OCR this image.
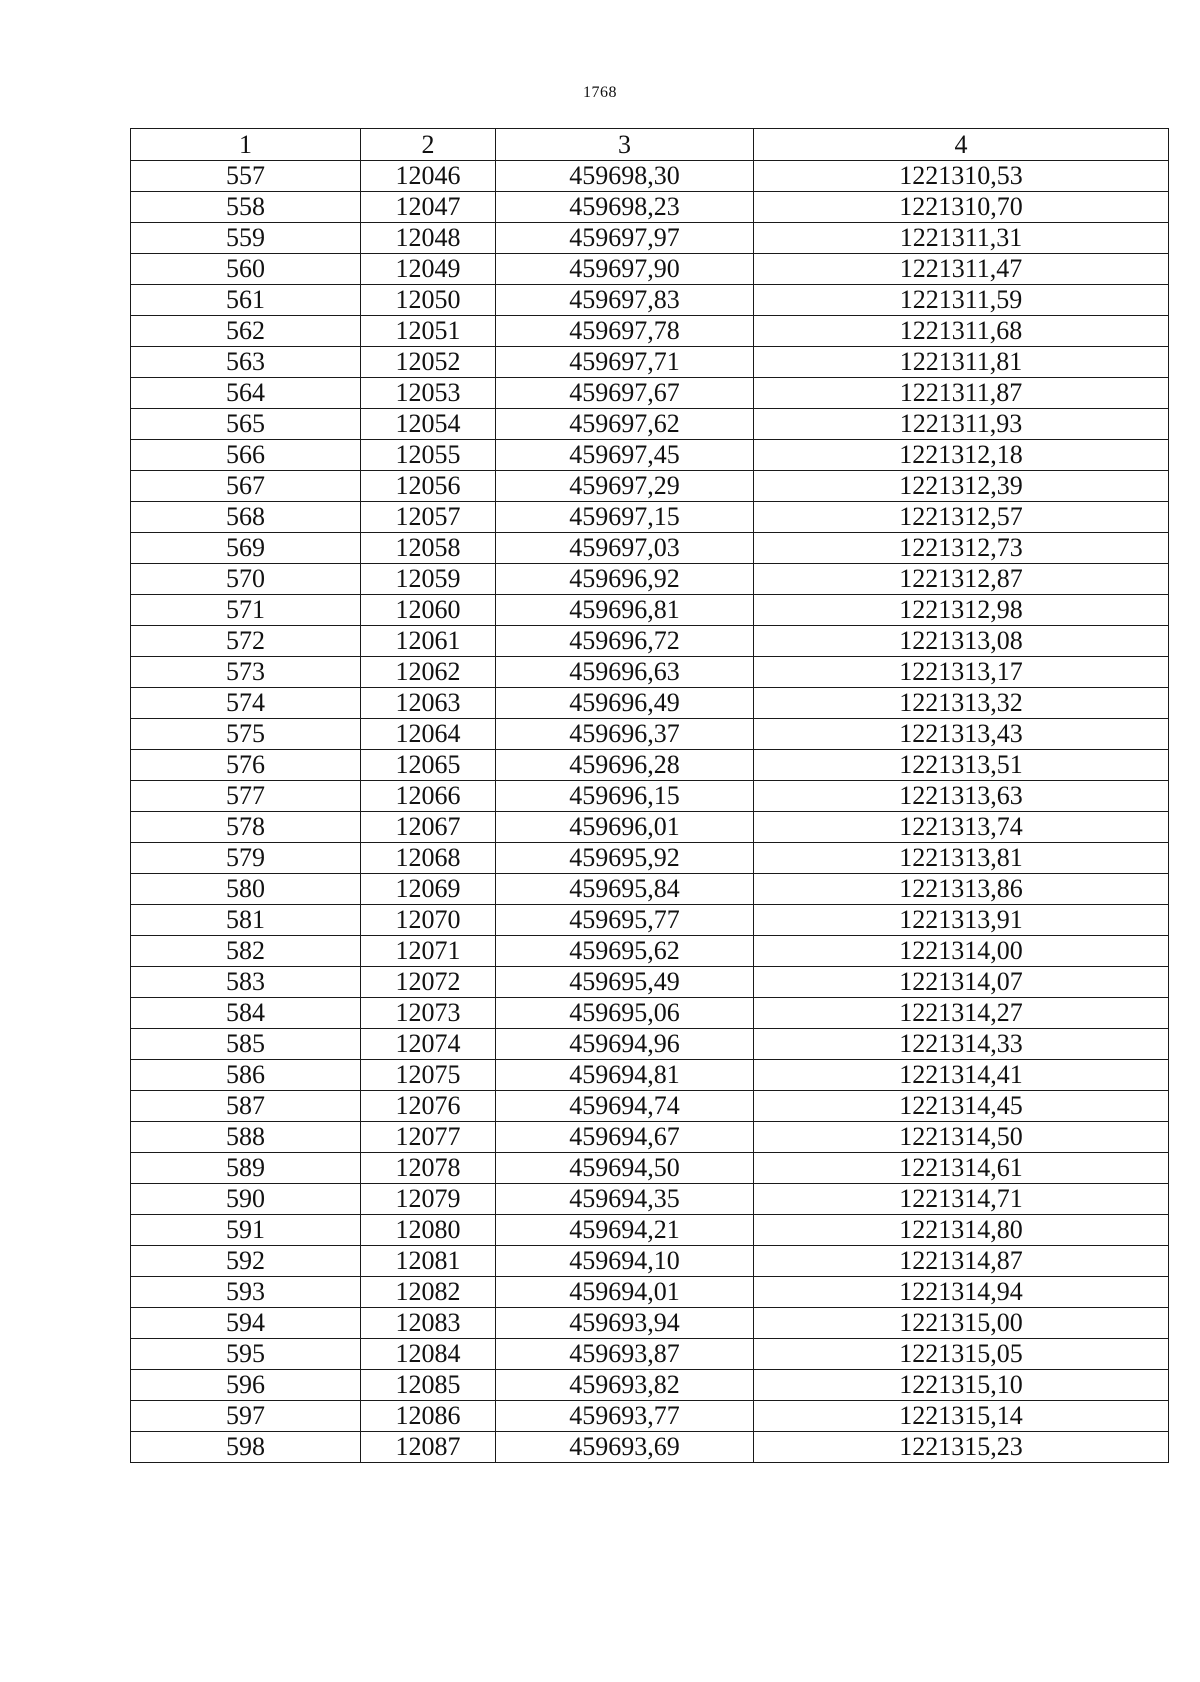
1768
1	2	3	4
557	12046	459698,30	1221310,53
558	12047	459698,23	1221310,70
559	12048	459697,97	1221311,31
560	12049	459697,90	1221311,47
561	12050	459697,83	1221311,59
562	12051	459697,78	1221311,68
563	12052	459697,71	1221311,81
564	12053	459697,67	1221311,87
565	12054	459697,62	1221311,93
566	12055	459697,45	1221312,18
567	12056	459697,29	1221312,39
568	12057	459697,15	1221312,57
569	12058	459697,03	1221312,73
570	12059	459696,92	1221312,87
571	12060	459696,81	1221312,98
572	12061	459696,72	1221313,08
573	12062	459696,63	1221313,17
574	12063	459696,49	1221313,32
575	12064	459696,37	1221313,43
576	12065	459696,28	1221313,51
577	12066	459696,15	1221313,63
578	12067	459696,01	1221313,74
579	12068	459695,92	1221313,81
580	12069	459695,84	1221313,86
581	12070	459695,77	1221313,91
582	12071	459695,62	1221314,00
583	12072	459695,49	1221314,07
584	12073	459695,06	1221314,27
585	12074	459694,96	1221314,33
586	12075	459694,81	1221314,41
587	12076	459694,74	1221314,45
588	12077	459694,67	1221314,50
589	12078	459694,50	1221314,61
590	12079	459694,35	1221314,71
591	12080	459694,21	1221314,80
592	12081	459694,10	1221314,87
593	12082	459694,01	1221314,94
594	12083	459693,94	1221315,00
595	12084	459693,87	1221315,05
596	12085	459693,82	1221315,10
597	12086	459693,77	1221315,14
598	12087	459693,69	1221315,23
